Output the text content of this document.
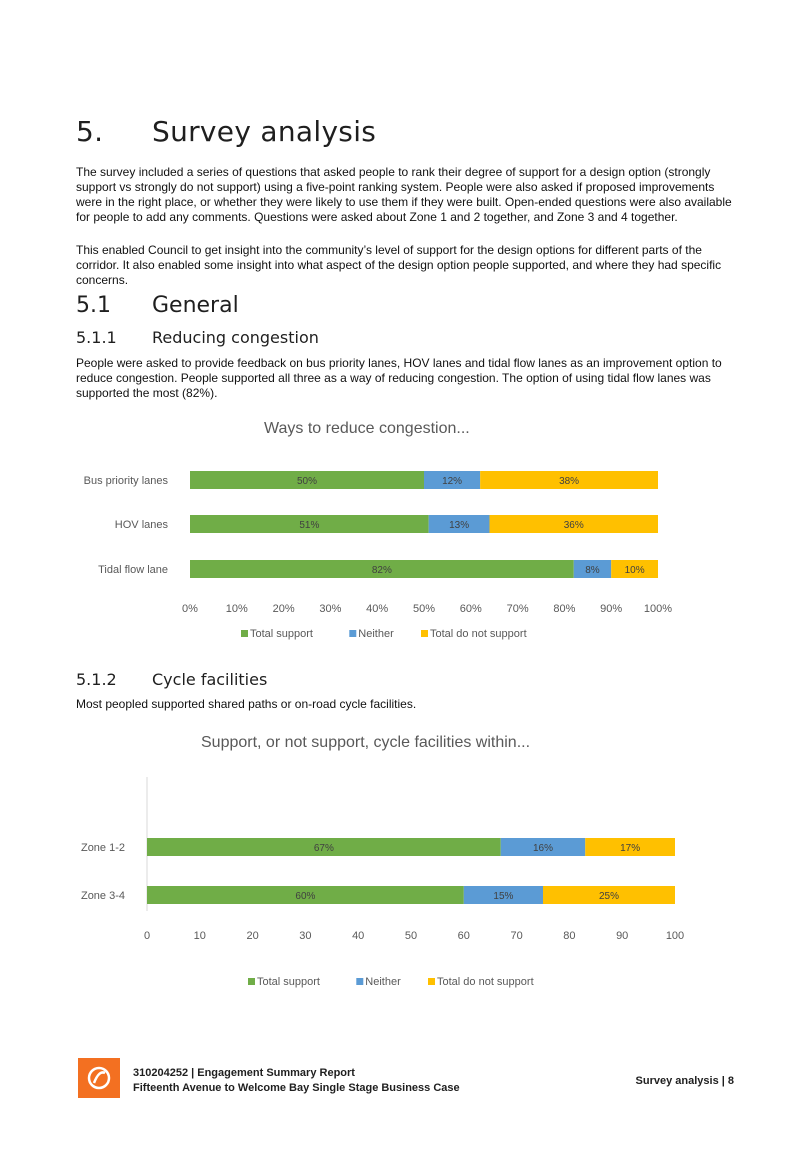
5. Survey analysis
The survey included a series of questions that asked people to rank their degree of support for a design option (strongly support vs strongly do not support) using a five-point ranking system. People were also asked if proposed improvements were in the right place, or whether they were likely to use them if they were built. Open-ended questions were also available for people to add any comments. Questions were asked about Zone 1 and 2 together, and Zone 3 and 4 together.
This enabled Council to get insight into the community’s level of support for the design options for different parts of the corridor. It also enabled some insight into what aspect of the design option people supported, and where they had specific concerns.
5.1 General
5.1.1 Reducing congestion
People were asked to provide feedback on bus priority lanes, HOV lanes and tidal flow lanes as an improvement option to reduce congestion. People supported all three as a way of reducing congestion. The option of using tidal flow lanes was supported the most (82%).
Ways to reduce congestion...
Bus priority lanes	50%	12%	38%
HOV lanes	51%	13%	36%
Tidal flow lane	82%	8% 10%
0%	10% 20% 30% 40% 50% 60% 70% 80% 90% 100%
Total support	Neither	Total do not support
5.1.2 Cycle facilities
Most peopled supported shared paths or on-road cycle facilities.
Support, or not support, cycle facilities within...
Zone 1-2	67%	16%	17%
Zone 3-4	60%	15%	25%
0	10	20	30	40	50	60	70	80	90	100
Total support	Neither	Total do not support
310204252 | Engagement Summary Report
Fifteenth Avenue to Welcome Bay Single Stage Business Case
Survey analysis | 8
